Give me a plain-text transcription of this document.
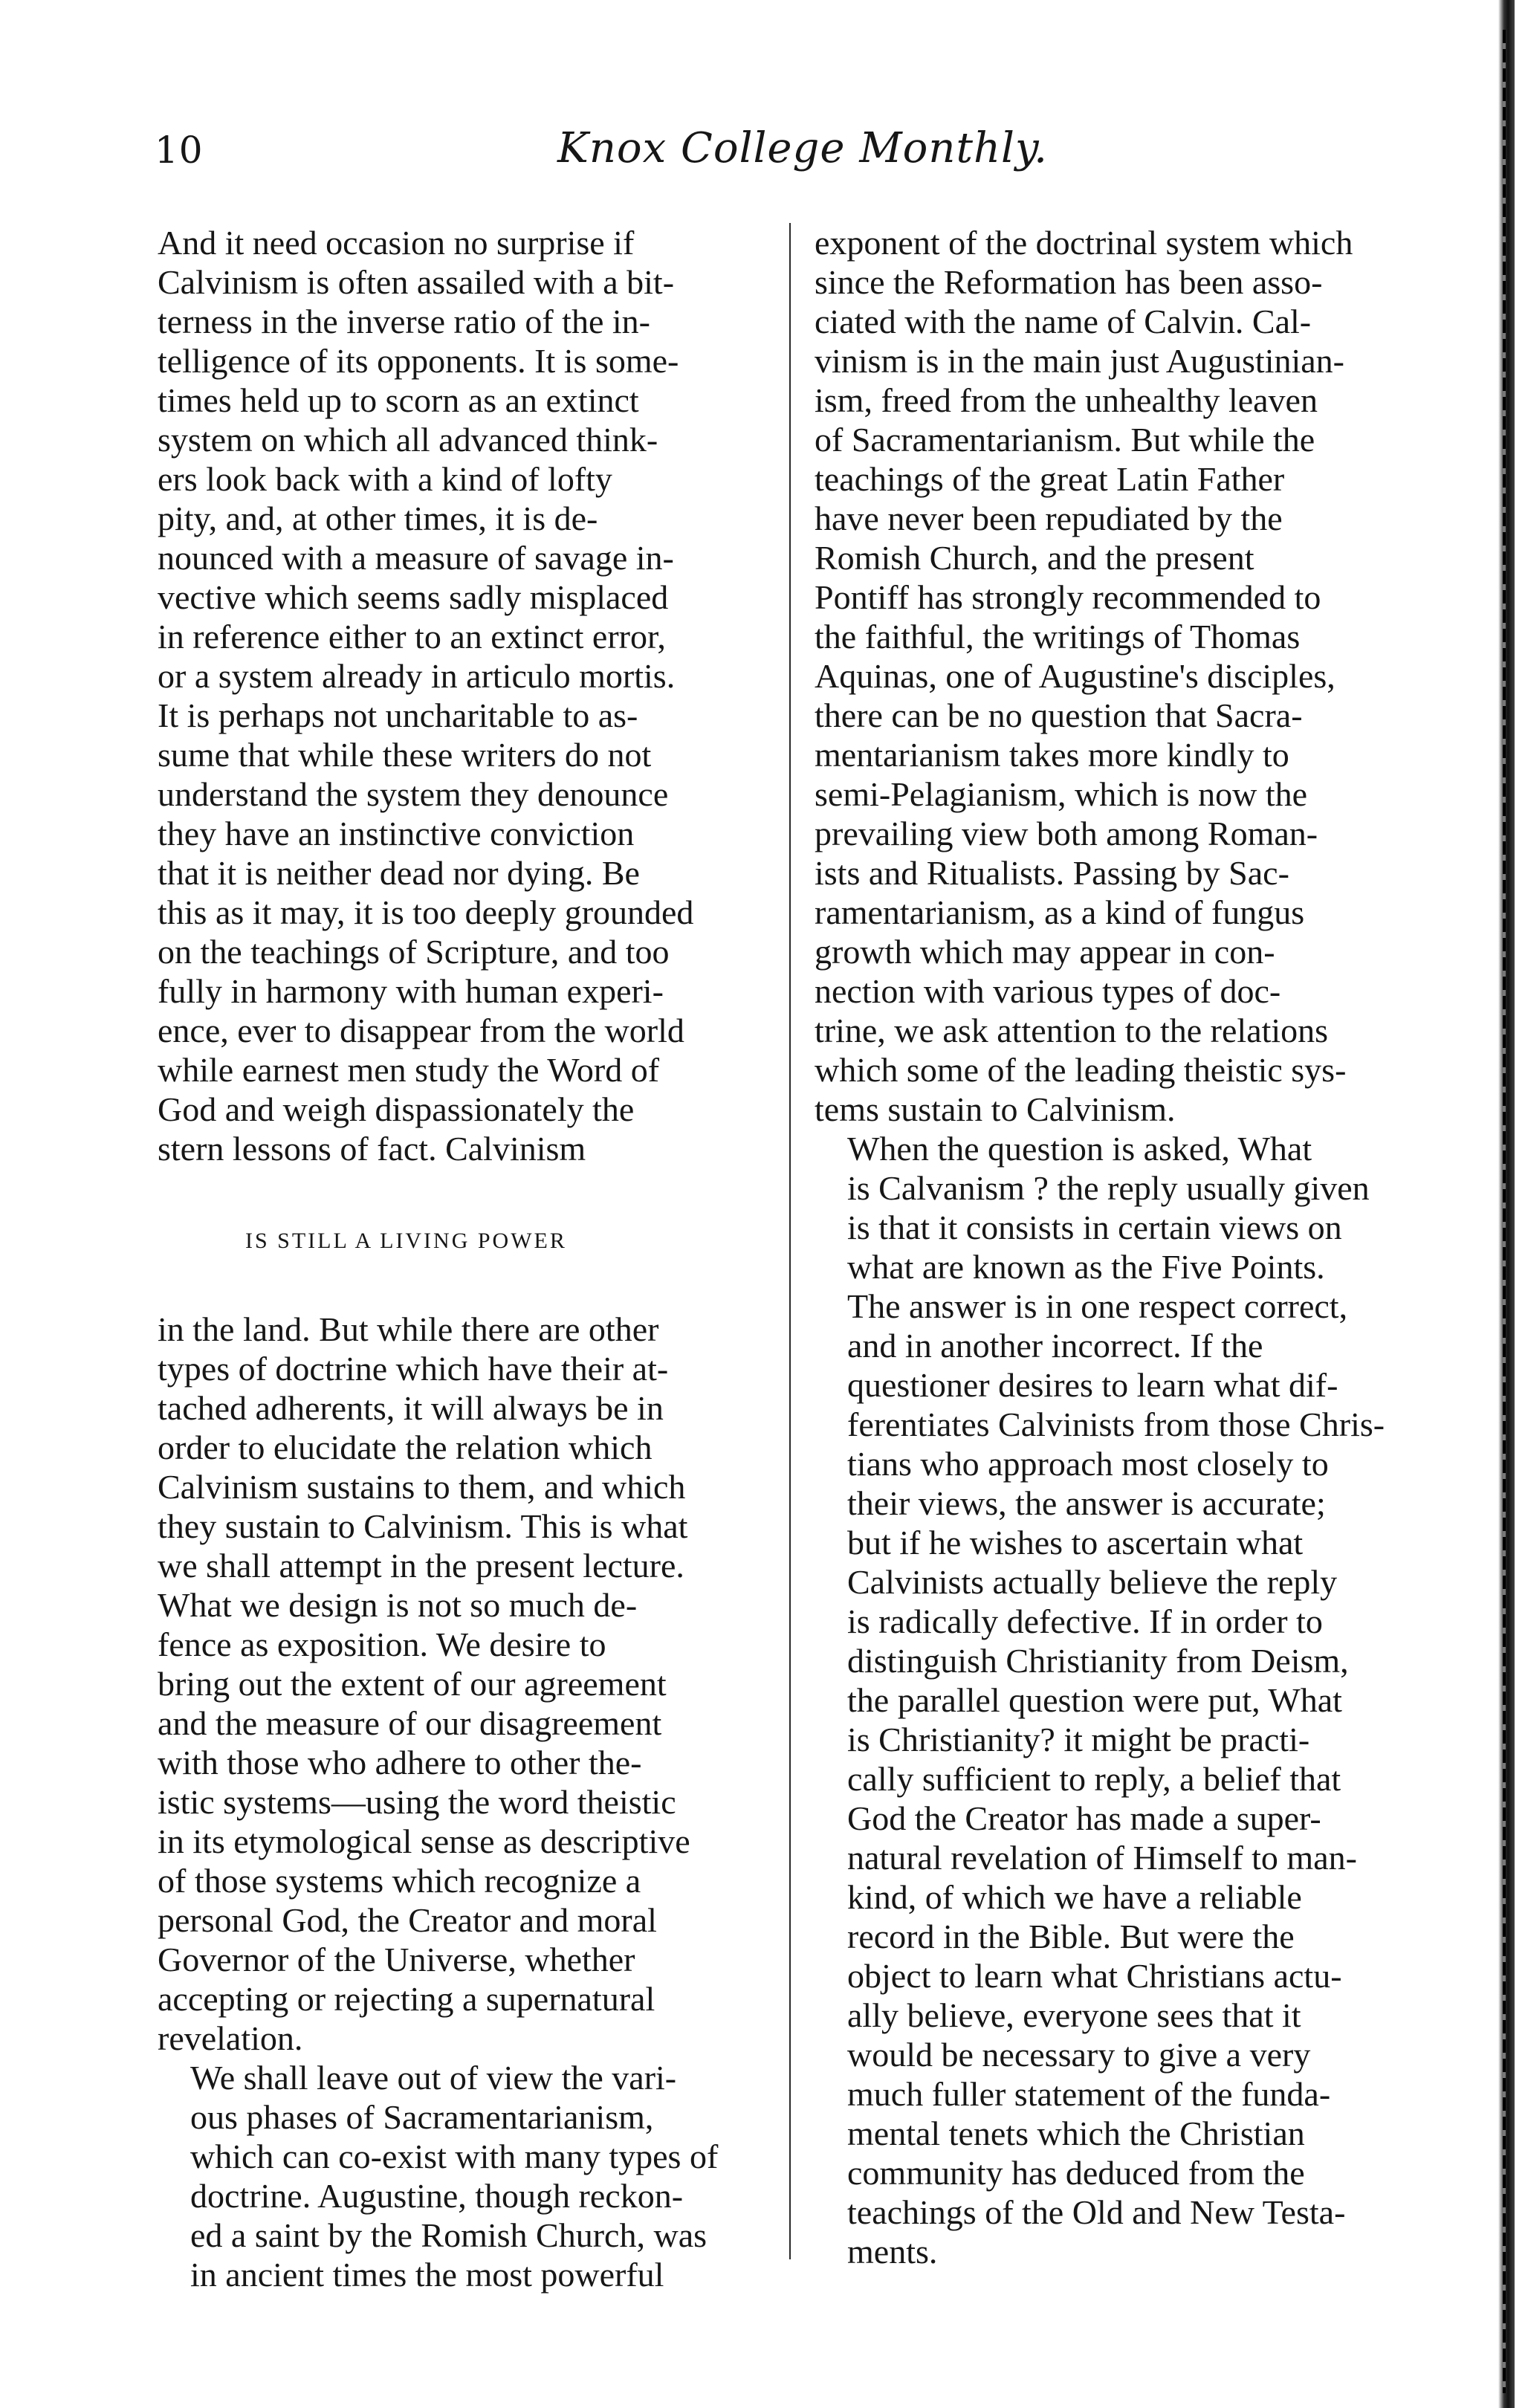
10	Knox College Monthly.

And it need occasion no surprise if
Calvinism is often assailed with a bit-
terness in the inverse ratio of the in-
telligence of its opponents. It is some-
times held up to scorn as an extinct
system on which all advanced think-
ers look back with a kind of lofty
pity, and, at other times, it is de-
nounced with a measure of savage in-
vective which seems sadly misplaced
in reference either to an extinct error,
or a system already in articulo mortis.
It is perhaps not uncharitable to as-
sume that while these writers do not
understand the system they denounce
they have an instinctive conviction
that it is neither dead nor dying. Be
this as it may, it is too deeply grounded
on the teachings of Scripture, and too
fully in harmony with human experi-
ence, ever to disappear from the world
while earnest men study the Word of
God and weigh dispassionately the
stern lessons of fact. Calvinism

IS STILL A LIVING POWER

in the land. But while there are other
types of doctrine which have their at-
tached adherents, it will always be in
order to elucidate the relation which
Calvinism sustains to them, and which
they sustain to Calvinism. This is what
we shall attempt in the present lecture.
What we design is not so much de-
fence as exposition. We desire to
bring out the extent of our agreement
and the measure of our disagreement
with those who adhere to other the-
istic systems—using the word theistic
in its etymological sense as descriptive
of those systems which recognize a
personal God, the Creator and moral
Governor of the Universe, whether
accepting or rejecting a supernatural
revelation.

We shall leave out of view the vari-
ous phases of Sacramentarianism,
which can co-exist with many types of
doctrine. Augustine, though reckon-
ed a saint by the Romish Church, was
in ancient times the most powerful

exponent of the doctrinal system which
since the Reformation has been asso-
ciated with the name of Calvin. Cal-
vinism is in the main just Augustinian-
ism, freed from the unhealthy leaven
of Sacramentarianism. But while the
teachings of the great Latin Father
have never been repudiated by the
Romish Church, and the present
Pontiff has strongly recommended to
the faithful, the writings of Thomas
Aquinas, one of Augustine's disciples,
there can be no question that Sacra-
mentarianism takes more kindly to
semi-Pelagianism, which is now the
prevailing view both among Roman-
ists and Ritualists. Passing by Sac-
ramentarianism, as a kind of fungus
growth which may appear in con-
nection with various types of doc-
trine, we ask attention to the relations
which some of the leading theistic sys-
tems sustain to Calvinism.

When the question is asked, What
is Calvanism ? the reply usually given
is that it consists in certain views on
what are known as the Five Points.
The answer is in one respect correct,
and in another incorrect. If the
questioner desires to learn what dif-
ferentiates Calvinists from those Chris-
tians who approach most closely to
their views, the answer is accurate;
but if he wishes to ascertain what
Calvinists actually believe the reply
is radically defective. If in order to
distinguish Christianity from Deism,
the parallel question were put, What
is Christianity? it might be practi-
cally sufficient to reply, a belief that
God the Creator has made a super-
natural revelation of Himself to man-
kind, of which we have a reliable
record in the Bible. But were the
object to learn what Christians actu-
ally believe, everyone sees that it
would be necessary to give a very
much fuller statement of the funda-
mental tenets which the Christian
community has deduced from the
teachings of the Old and New Testa-
ments.
